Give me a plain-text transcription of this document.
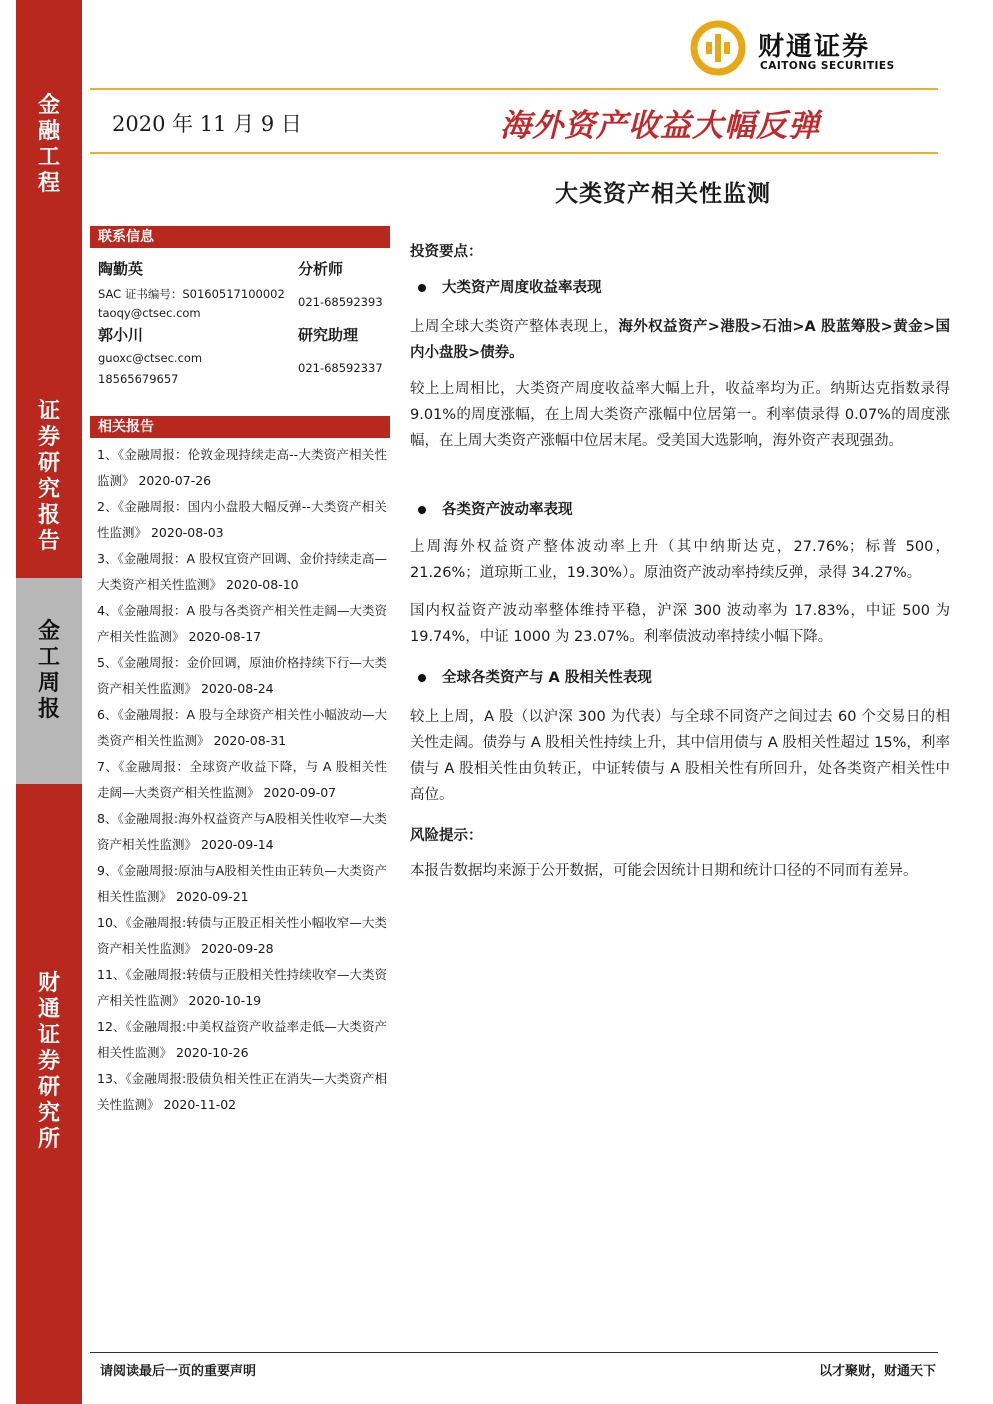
金
融
工
程
证
券
研
究
报
告
金
工
周
报
财
通
证
券
研
究
所
财通证券
CAITONG SECURITIES
2020 年 11 月 9 日	海外资产收益大幅反弹
大类资产相关性监测
联系信息
陶勤英	分析师
SAC 证书编号：S0160517100002
021-68592393
taoqy@ctsec.com
郭小川	研究助理
guoxc@ctsec.com
021-68592337
18565679657
相关报告
1、《金融周报：伦敦金现持续走高--大类资产相关性监测》 2020-07-26
2、《金融周报：国内小盘股大幅反弹--大类资产相关性监测》 2020-08-03
3、《金融周报：A 股权宜资产回调、金价持续走高—大类资产相关性监测》 2020-08-10
4、《金融周报：A 股与各类资产相关性走阔—大类资产相关性监测》 2020-08-17
5、《金融周报：金价回调，原油价格持续下行—大类资产相关性监测》 2020-08-24
6、《金融周报：A 股与全球资产相关性小幅波动—大类资产相关性监测》 2020-08-31
7、《金融周报：全球资产收益下降，与 A 股相关性走阔—大类资产相关性监测》 2020-09-07
8、《金融周报:海外权益资产与A股相关性收窄—大类资产相关性监测》 2020-09-14
9、《金融周报:原油与A股相关性由正转负—大类资产相关性监测》 2020-09-21
10、《金融周报:转债与正股正相关性小幅收窄—大类资产相关性监测》 2020-09-28
11、《金融周报:转债与正股相关性持续收窄—大类资产相关性监测》 2020-10-19
12、《金融周报:中美权益资产收益率走低—大类资产相关性监测》 2020-10-26
13、《金融周报:股债负相关性正在消失—大类资产相关性监测》 2020-11-02
投资要点：
大类资产周度收益率表现
上周全球大类资产整体表现上，海外权益资产>港股>石油>A 股蓝筹股>黄金>国内小盘股>债券。
较上上周相比，大类资产周度收益率大幅上升，收益率均为正。纳斯达克指数录得 9.01%的周度涨幅，在上周大类资产涨幅中位居第一。利率债录得 0.07%的周度涨幅，在上周大类资产涨幅中位居末尾。受美国大选影响，海外资产表现强劲。
各类资产波动率表现
上周海外权益资产整体波动率上升（其中纳斯达克，27.76%；标普 500，21.26%；道琼斯工业，19.30%）。原油资产波动率持续反弹，录得 34.27%。
国内权益资产波动率整体维持平稳，沪深 300 波动率为 17.83%，中证 500 为 19.74%，中证 1000 为 23.07%。利率债波动率持续小幅下降。
全球各类资产与 A 股相关性表现
较上上周，A 股（以沪深 300 为代表）与全球不同资产之间过去 60 个交易日的相关性走阔。债券与 A 股相关性持续上升，其中信用债与 A 股相关性超过 15%，利率债与 A 股相关性由负转正，中证转债与 A 股相关性有所回升，处各类资产相关性中高位。
风险提示：
本报告数据均来源于公开数据，可能会因统计日期和统计口径的不同而有差异。
请阅读最后一页的重要声明	以才聚财，财通天下
